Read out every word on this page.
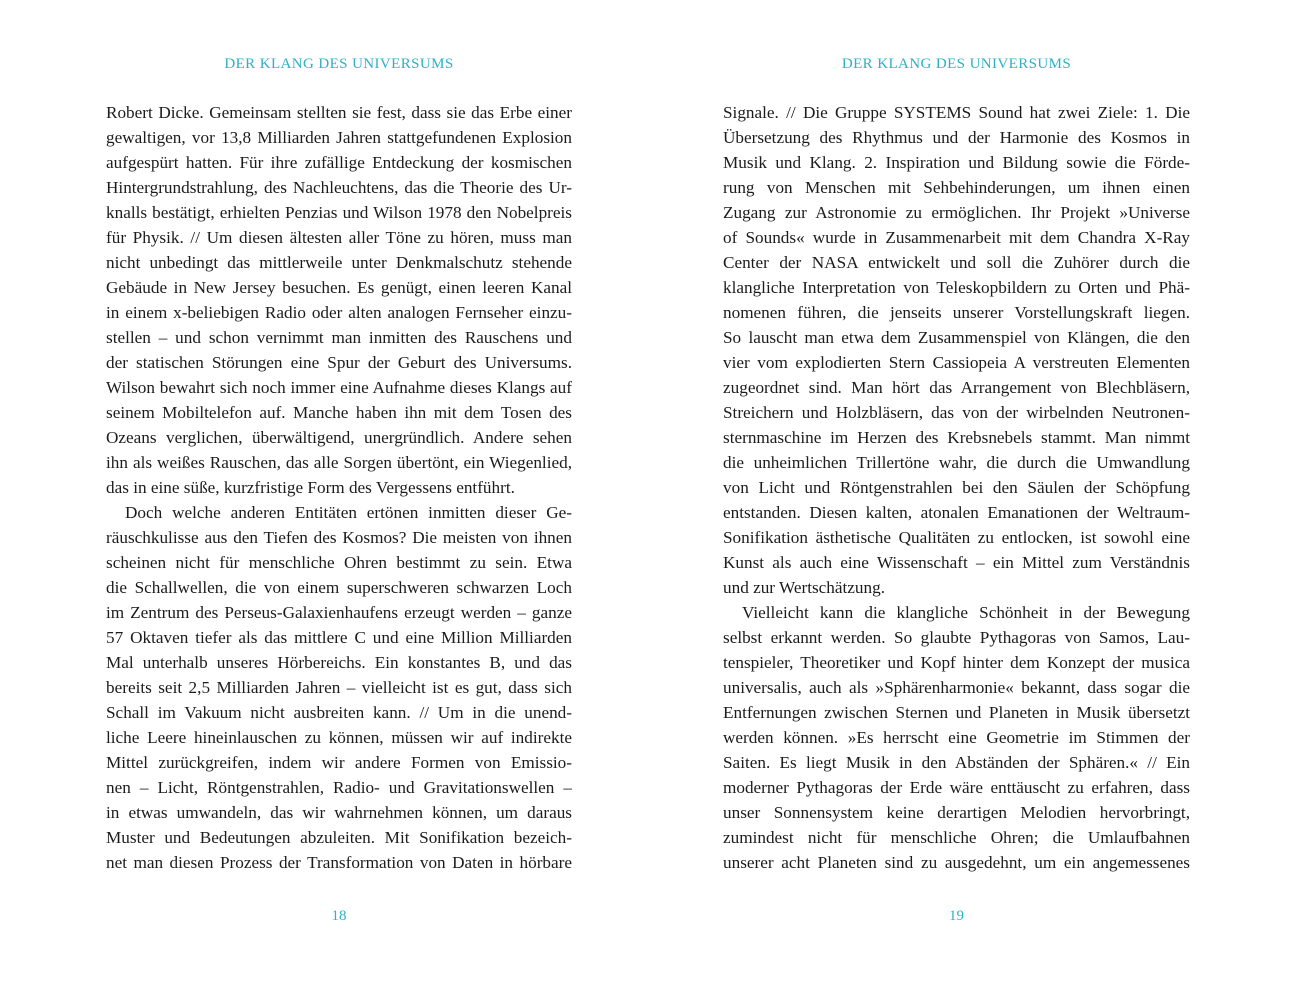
DER KLANG DES UNIVERSUMS
Robert Dicke. Gemeinsam stellten sie fest, dass sie das Erbe einer
gewaltigen, vor 13,8 Milliarden Jahren stattgefundenen Explosion
aufgespürt hatten. Für ihre zufällige Entdeckung der kosmischen
Hintergrundstrahlung, des Nachleuchtens, das die Theorie des Ur-
knalls bestätigt, erhielten Penzias und Wilson 1978 den Nobelpreis
für Physik. // Um diesen ältesten aller Töne zu hören, muss man
nicht unbedingt das mittlerweile unter Denkmalschutz stehende
Gebäude in New Jersey besuchen. Es genügt, einen leeren Kanal
in einem x-beliebigen Radio oder alten analogen Fernseher einzu-
stellen – und schon vernimmt man inmitten des Rauschens und
der statischen Störungen eine Spur der Geburt des Universums.
Wilson bewahrt sich noch immer eine Aufnahme dieses Klangs auf
seinem Mobiltelefon auf. Manche haben ihn mit dem Tosen des
Ozeans verglichen, überwältigend, unergründlich. Andere sehen
ihn als weißes Rauschen, das alle Sorgen übertönt, ein Wiegenlied,
das in eine süße, kurzfristige Form des Vergessens entführt.
Doch welche anderen Entitäten ertönen inmitten dieser Ge-
räuschkulisse aus den Tiefen des Kosmos? Die meisten von ihnen
scheinen nicht für menschliche Ohren bestimmt zu sein. Etwa
die Schallwellen, die von einem superschweren schwarzen Loch
im Zentrum des Perseus-Galaxienhaufens erzeugt werden – ganze
57 Oktaven tiefer als das mittlere C und eine Million Milliarden
Mal unterhalb unseres Hörbereichs. Ein konstantes B, und das
bereits seit 2,5 Milliarden Jahren – vielleicht ist es gut, dass sich
Schall im Vakuum nicht ausbreiten kann. // Um in die unend-
liche Leere hineinlauschen zu können, müssen wir auf indirekte
Mittel zurückgreifen, indem wir andere Formen von Emissio-
nen – Licht, Röntgenstrahlen, Radio- und Gravitationswellen –
in etwas umwandeln, das wir wahrnehmen können, um daraus
Muster und Bedeutungen abzuleiten. Mit Sonifikation bezeich-
net man diesen Prozess der Transformation von Daten in hörbare
18
DER KLANG DES UNIVERSUMS
Signale. // Die Gruppe SYSTEMS Sound hat zwei Ziele: 1. Die
Übersetzung des Rhythmus und der Harmonie des Kosmos in
Musik und Klang. 2. Inspiration und Bildung sowie die Förde-
rung von Menschen mit Sehbehinderungen, um ihnen einen
Zugang zur Astronomie zu ermöglichen. Ihr Projekt »Universe
of Sounds« wurde in Zusammenarbeit mit dem Chandra X-Ray
Center der NASA entwickelt und soll die Zuhörer durch die
klangliche Interpretation von Teleskopbildern zu Orten und Phä-
nomenen führen, die jenseits unserer Vorstellungskraft liegen.
So lauscht man etwa dem Zusammenspiel von Klängen, die den
vier vom explodierten Stern Cassiopeia A verstreuten Elementen
zugeordnet sind. Man hört das Arrangement von Blechbläsern,
Streichern und Holzbläsern, das von der wirbelnden Neutronen-
sternmaschine im Herzen des Krebsnebels stammt. Man nimmt
die unheimlichen Trillertöne wahr, die durch die Umwandlung
von Licht und Röntgenstrahlen bei den Säulen der Schöpfung
entstanden. Diesen kalten, atonalen Emanationen der Weltraum-
Sonifikation ästhetische Qualitäten zu entlocken, ist sowohl eine
Kunst als auch eine Wissenschaft – ein Mittel zum Verständnis
und zur Wertschätzung.
Vielleicht kann die klangliche Schönheit in der Bewegung
selbst erkannt werden. So glaubte Pythagoras von Samos, Lau-
tenspieler, Theoretiker und Kopf hinter dem Konzept der musica
universalis, auch als »Sphärenharmonie« bekannt, dass sogar die
Entfernungen zwischen Sternen und Planeten in Musik übersetzt
werden können. »Es herrscht eine Geometrie im Stimmen der
Saiten. Es liegt Musik in den Abständen der Sphären.« // Ein
moderner Pythagoras der Erde wäre enttäuscht zu erfahren, dass
unser Sonnensystem keine derartigen Melodien hervorbringt,
zumindest nicht für menschliche Ohren; die Umlaufbahnen
unserer acht Planeten sind zu ausgedehnt, um ein angemessenes
19
